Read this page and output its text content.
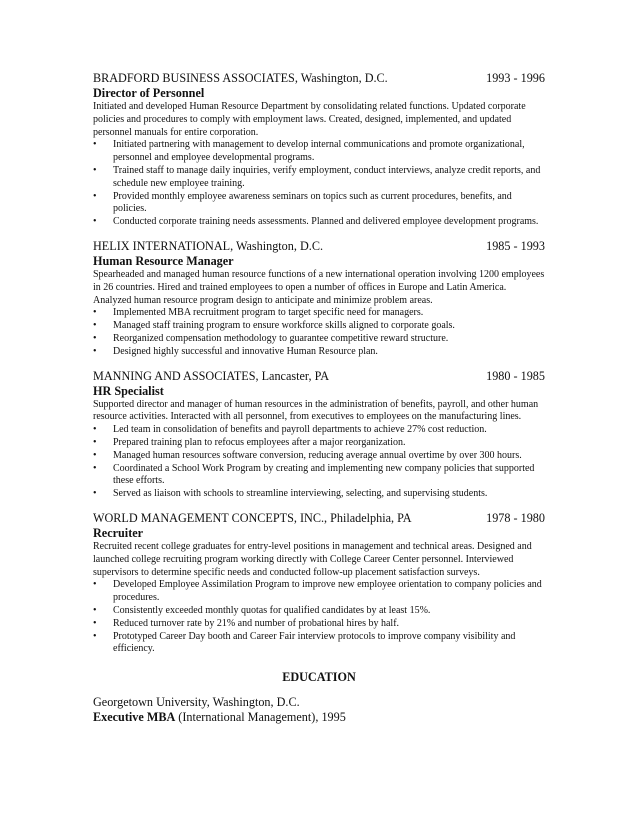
BRADFORD BUSINESS ASSOCIATES, Washington, D.C.	1993 - 1996
Director of Personnel

Initiated and developed Human Resource Department by consolidating related functions. Updated corporate policies and procedures to comply with employment laws. Created, designed, implemented, and updated personnel manuals for entire corporation.

• Initiated partnering with management to develop internal communications and promote organizational, personnel and employee developmental programs.
• Trained staff to manage daily inquiries, verify employment, conduct interviews, analyze credit reports, and schedule new employee training.
• Provided monthly employee awareness seminars on topics such as current procedures, benefits, and policies.
• Conducted corporate training needs assessments. Planned and delivered employee development programs.
HELIX INTERNATIONAL, Washington, D.C.	1985 - 1993
Human Resource Manager

Spearheaded and managed human resource functions of a new international operation involving 1200 employees in 26 countries. Hired and trained employees to open a number of offices in Europe and Latin America. Analyzed human resource program design to anticipate and minimize problem areas.

• Implemented MBA recruitment program to target specific need for managers.
• Managed staff training program to ensure workforce skills aligned to corporate goals.
• Reorganized compensation methodology to guarantee competitive reward structure.
• Designed highly successful and innovative Human Resource plan.
MANNING AND ASSOCIATES, Lancaster, PA	1980 - 1985
HR Specialist

Supported director and manager of human resources in the administration of benefits, payroll, and other human resource activities. Interacted with all personnel, from executives to employees on the manufacturing lines.

• Led team in consolidation of benefits and payroll departments to achieve 27% cost reduction.
• Prepared training plan to refocus employees after a major reorganization.
• Managed human resources software conversion, reducing average annual overtime by over 300 hours.
• Coordinated a School Work Program by creating and implementing new company policies that supported these efforts.
• Served as liaison with schools to streamline interviewing, selecting, and supervising students.
WORLD MANAGEMENT CONCEPTS, INC., Philadelphia, PA	1978 - 1980
Recruiter

Recruited recent college graduates for entry-level positions in management and technical areas. Designed and launched college recruiting program working directly with College Career Center personnel. Interviewed supervisors to determine specific needs and conducted follow-up placement satisfaction surveys.

• Developed Employee Assimilation Program to improve new employee orientation to company policies and procedures.
• Consistently exceeded monthly quotas for qualified candidates by at least 15%.
• Reduced turnover rate by 21% and number of probational hires by half.
• Prototyped Career Day booth and Career Fair interview protocols to improve company visibility and efficiency.
EDUCATION
Georgetown University, Washington, D.C.
Executive MBA (International Management), 1995
